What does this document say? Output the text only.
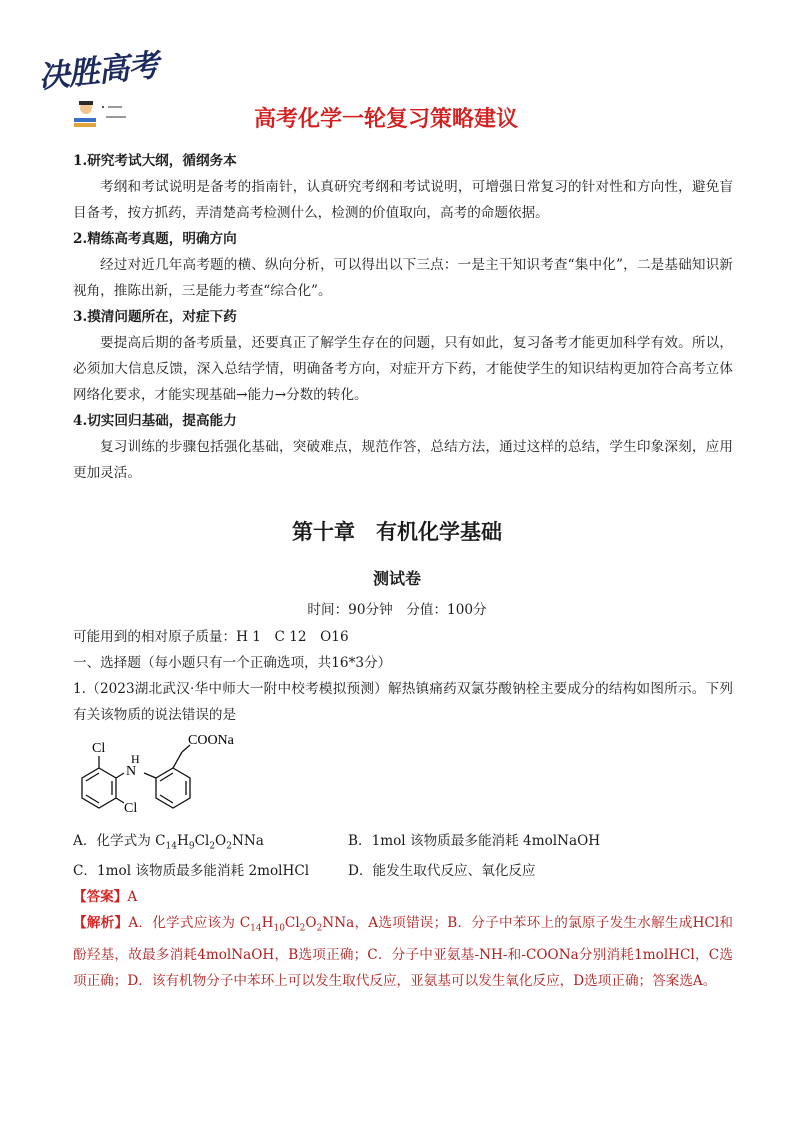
决胜高考
高考化学一轮复习策略建议
1.研究考试大纲，循纲务本
考纲和考试说明是备考的指南针，认真研究考纲和考试说明，可增强日常复习的针对性和方向性，避免盲目备考，按方抓药，弄清楚高考检测什么，检测的价值取向，高考的命题依据。
2.精练高考真题，明确方向
经过对近几年高考题的横、纵向分析，可以得出以下三点：一是主干知识考查“集中化”，二是基础知识新视角，推陈出新，三是能力考查“综合化”。
3.摸清问题所在，对症下药
要提高后期的备考质量，还要真正了解学生存在的问题，只有如此，复习备考才能更加科学有效。所以，必须加大信息反馈，深入总结学情，明确备考方向，对症开方下药，才能使学生的知识结构更加符合高考立体网络化要求，才能实现基础→能力→分数的转化。
4.切实回归基础，提高能力
复习训练的步骤包括强化基础，突破难点，规范作答，总结方法，通过这样的总结，学生印象深刻，应用更加灵活。
第十章　有机化学基础
测试卷
时间：90分钟　分值：100分
可能用到的相对原子质量：H 1　C 12　O16
一、选择题（每小题只有一个正确选项，共16*3分）
1.（2023湖北武汉·华中师大一附中校考模拟预测）解热镇痛药双氯芬酸钠栓主要成分的结构如图所示。下列有关该物质的说法错误的是
Cl
N
H
Cl
COONa
A．化学式为 $C_{14}H_9Cl_2O_2NNa$	B．1mol 该物质最多能消耗 4molNaOH
C．1mol 该物质最多能消耗 2molHCl	D．能发生取代反应、氧化反应
【答案】A
【解析】A．化学式应该为 $C_{14}H_{10}Cl_2O_2NNa$，A选项错误；B．分子中苯环上的氯原子发生水解生成HCl和酚羟基，故最多消耗4molNaOH，B选项正确；C．分子中亚氨基-NH-和-COONa分别消耗1molHCl，C选项正确；D．该有机物分子中苯环上可以发生取代反应，亚氨基可以发生氧化反应，D选项正确；答案选A。
